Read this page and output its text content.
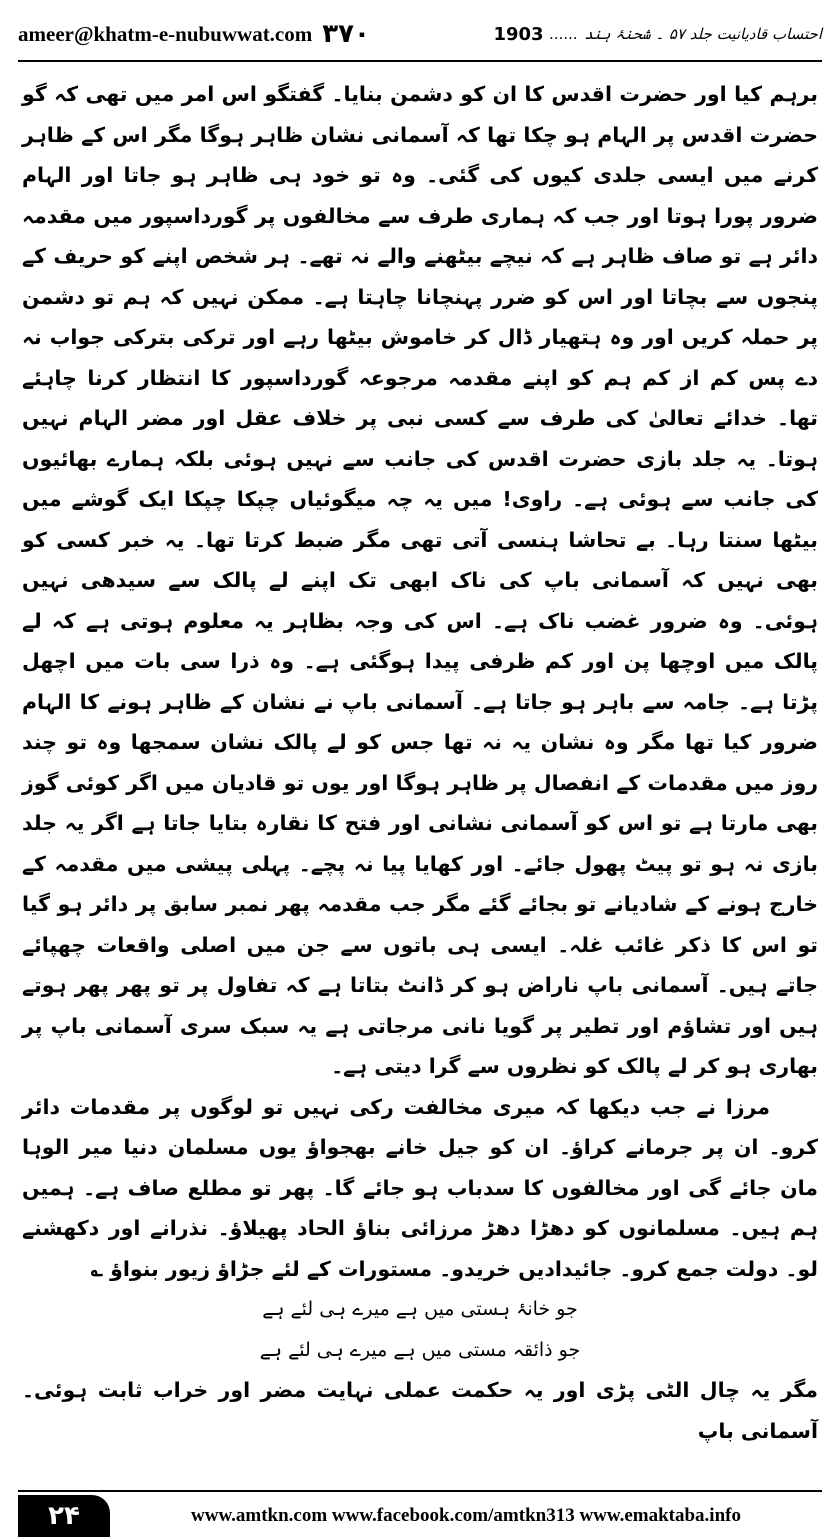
ameer@khatm-e-nubuwwat.com ۳۷۰	احتساب قادیانیت جلد ۵۷ ۔ شحنۂ ہند
......
1903

برہم کیا اور حضرت اقدس کا ان کو دشمن بنایا۔ گفتگو اس امر میں تھی کہ گو حضرت اقدس پر الہام ہو چکا تھا کہ آسمانی نشان ظاہر ہوگا مگر اس کے ظاہر کرنے میں ایسی جلدی کیوں کی گئی۔ وہ تو خود ہی ظاہر ہو جاتا اور الہام ضرور پورا ہوتا اور جب کہ ہماری طرف سے مخالفوں پر گورداسپور میں مقدمہ دائر ہے تو صاف ظاہر ہے کہ نیچے بیٹھنے والے نہ تھے۔ ہر شخص اپنے کو حریف کے پنجوں سے بچاتا اور اس کو ضرر پہنچانا چاہتا ہے۔ ممکن نہیں کہ ہم تو دشمن پر حملہ کریں اور وہ ہتھیار ڈال کر خاموش بیٹھا رہے اور ترکی بترکی جواب نہ دے پس کم از کم ہم کو اپنے مقدمہ مرجوعہ گورداسپور کا انتظار کرنا چاہئے تھا۔ خدائے تعالیٰ کی طرف سے کسی نبی پر خلاف عقل اور مضر الہام نہیں ہوتا۔ یہ جلد بازی حضرت اقدس کی جانب سے نہیں ہوئی بلکہ ہمارے بھائیوں کی جانب سے ہوئی ہے۔ راوی! میں یہ چہ میگوئیاں چپکا چپکا ایک گوشے میں بیٹھا سنتا رہا۔ بے تحاشا ہنسی آتی تھی مگر ضبط کرتا تھا۔ یہ خبر کسی کو بھی نہیں کہ آسمانی باپ کی ناک ابھی تک اپنے لے پالک سے سیدھی نہیں ہوئی۔ وہ ضرور غضب ناک ہے۔ اس کی وجہ بظاہر یہ معلوم ہوتی ہے کہ لے پالک میں اوچھا پن اور کم ظرفی پیدا ہوگئی ہے۔ وہ ذرا سی بات میں اچھل پڑتا ہے۔ جامہ سے باہر ہو جاتا ہے۔ آسمانی باپ نے نشان کے ظاہر ہونے کا الہام ضرور کیا تھا مگر وہ نشان یہ نہ تھا جس کو لے پالک نشان سمجھا وہ تو چند روز میں مقدمات کے انفصال پر ظاہر ہوگا اور یوں تو قادیان میں اگر کوئی گوز بھی مارتا ہے تو اس کو آسمانی نشانی اور فتح کا نقارہ بتایا جاتا ہے اگر یہ جلد بازی نہ ہو تو پیٹ پھول جائے۔ اور کھایا پیا نہ پچے۔ پہلی پیشی میں مقدمہ کے خارج ہونے کے شادیانے تو بجائے گئے مگر جب مقدمہ پھر نمبر سابق پر دائر ہو گیا تو اس کا ذکر غائب غلہ۔ ایسی ہی باتوں سے جن میں اصلی واقعات چھپائے جاتے ہیں۔ آسمانی باپ ناراض ہو کر ڈانٹ بتاتا ہے کہ تفاول پر تو پھر پھر ہوتے ہیں اور تشاؤم اور تطیر پر گویا نانی مرجاتی ہے یہ سبک سری آسمانی باپ پر بھاری ہو کر لے پالک کو نظروں سے گرا دیتی ہے۔

مرزا نے جب دیکھا کہ میری مخالفت رکی نہیں تو لوگوں پر مقدمات دائر کرو۔ ان پر جرمانے کراؤ۔ ان کو جیل خانے بھجواؤ یوں مسلمان دنیا میر الوہا مان جائے گی اور مخالفوں کا سدباب ہو جائے گا۔ پھر تو مطلع صاف ہے۔ ہمیں ہم ہیں۔ مسلمانوں کو دھڑا دھڑ مرزائی بناؤ الحاد پھیلاؤ۔ نذرانے اور دکھشنے لو۔ دولت جمع کرو۔ جائیدادیں خریدو۔ مستورات کے لئے جڑاؤ زیور بنواؤ ؎

جو خانۂ ہستی میں ہے میرے ہی لئے ہے

جو ذائقہ مستی میں ہے میرے ہی لئے ہے

مگر یہ چال الٹی پڑی اور یہ حکمت عملی نہایت مضر اور خراب ثابت ہوئی۔ آسمانی باپ

۲۴	www.amtkn.com www.facebook.com/amtkn313 www.emaktaba.info
